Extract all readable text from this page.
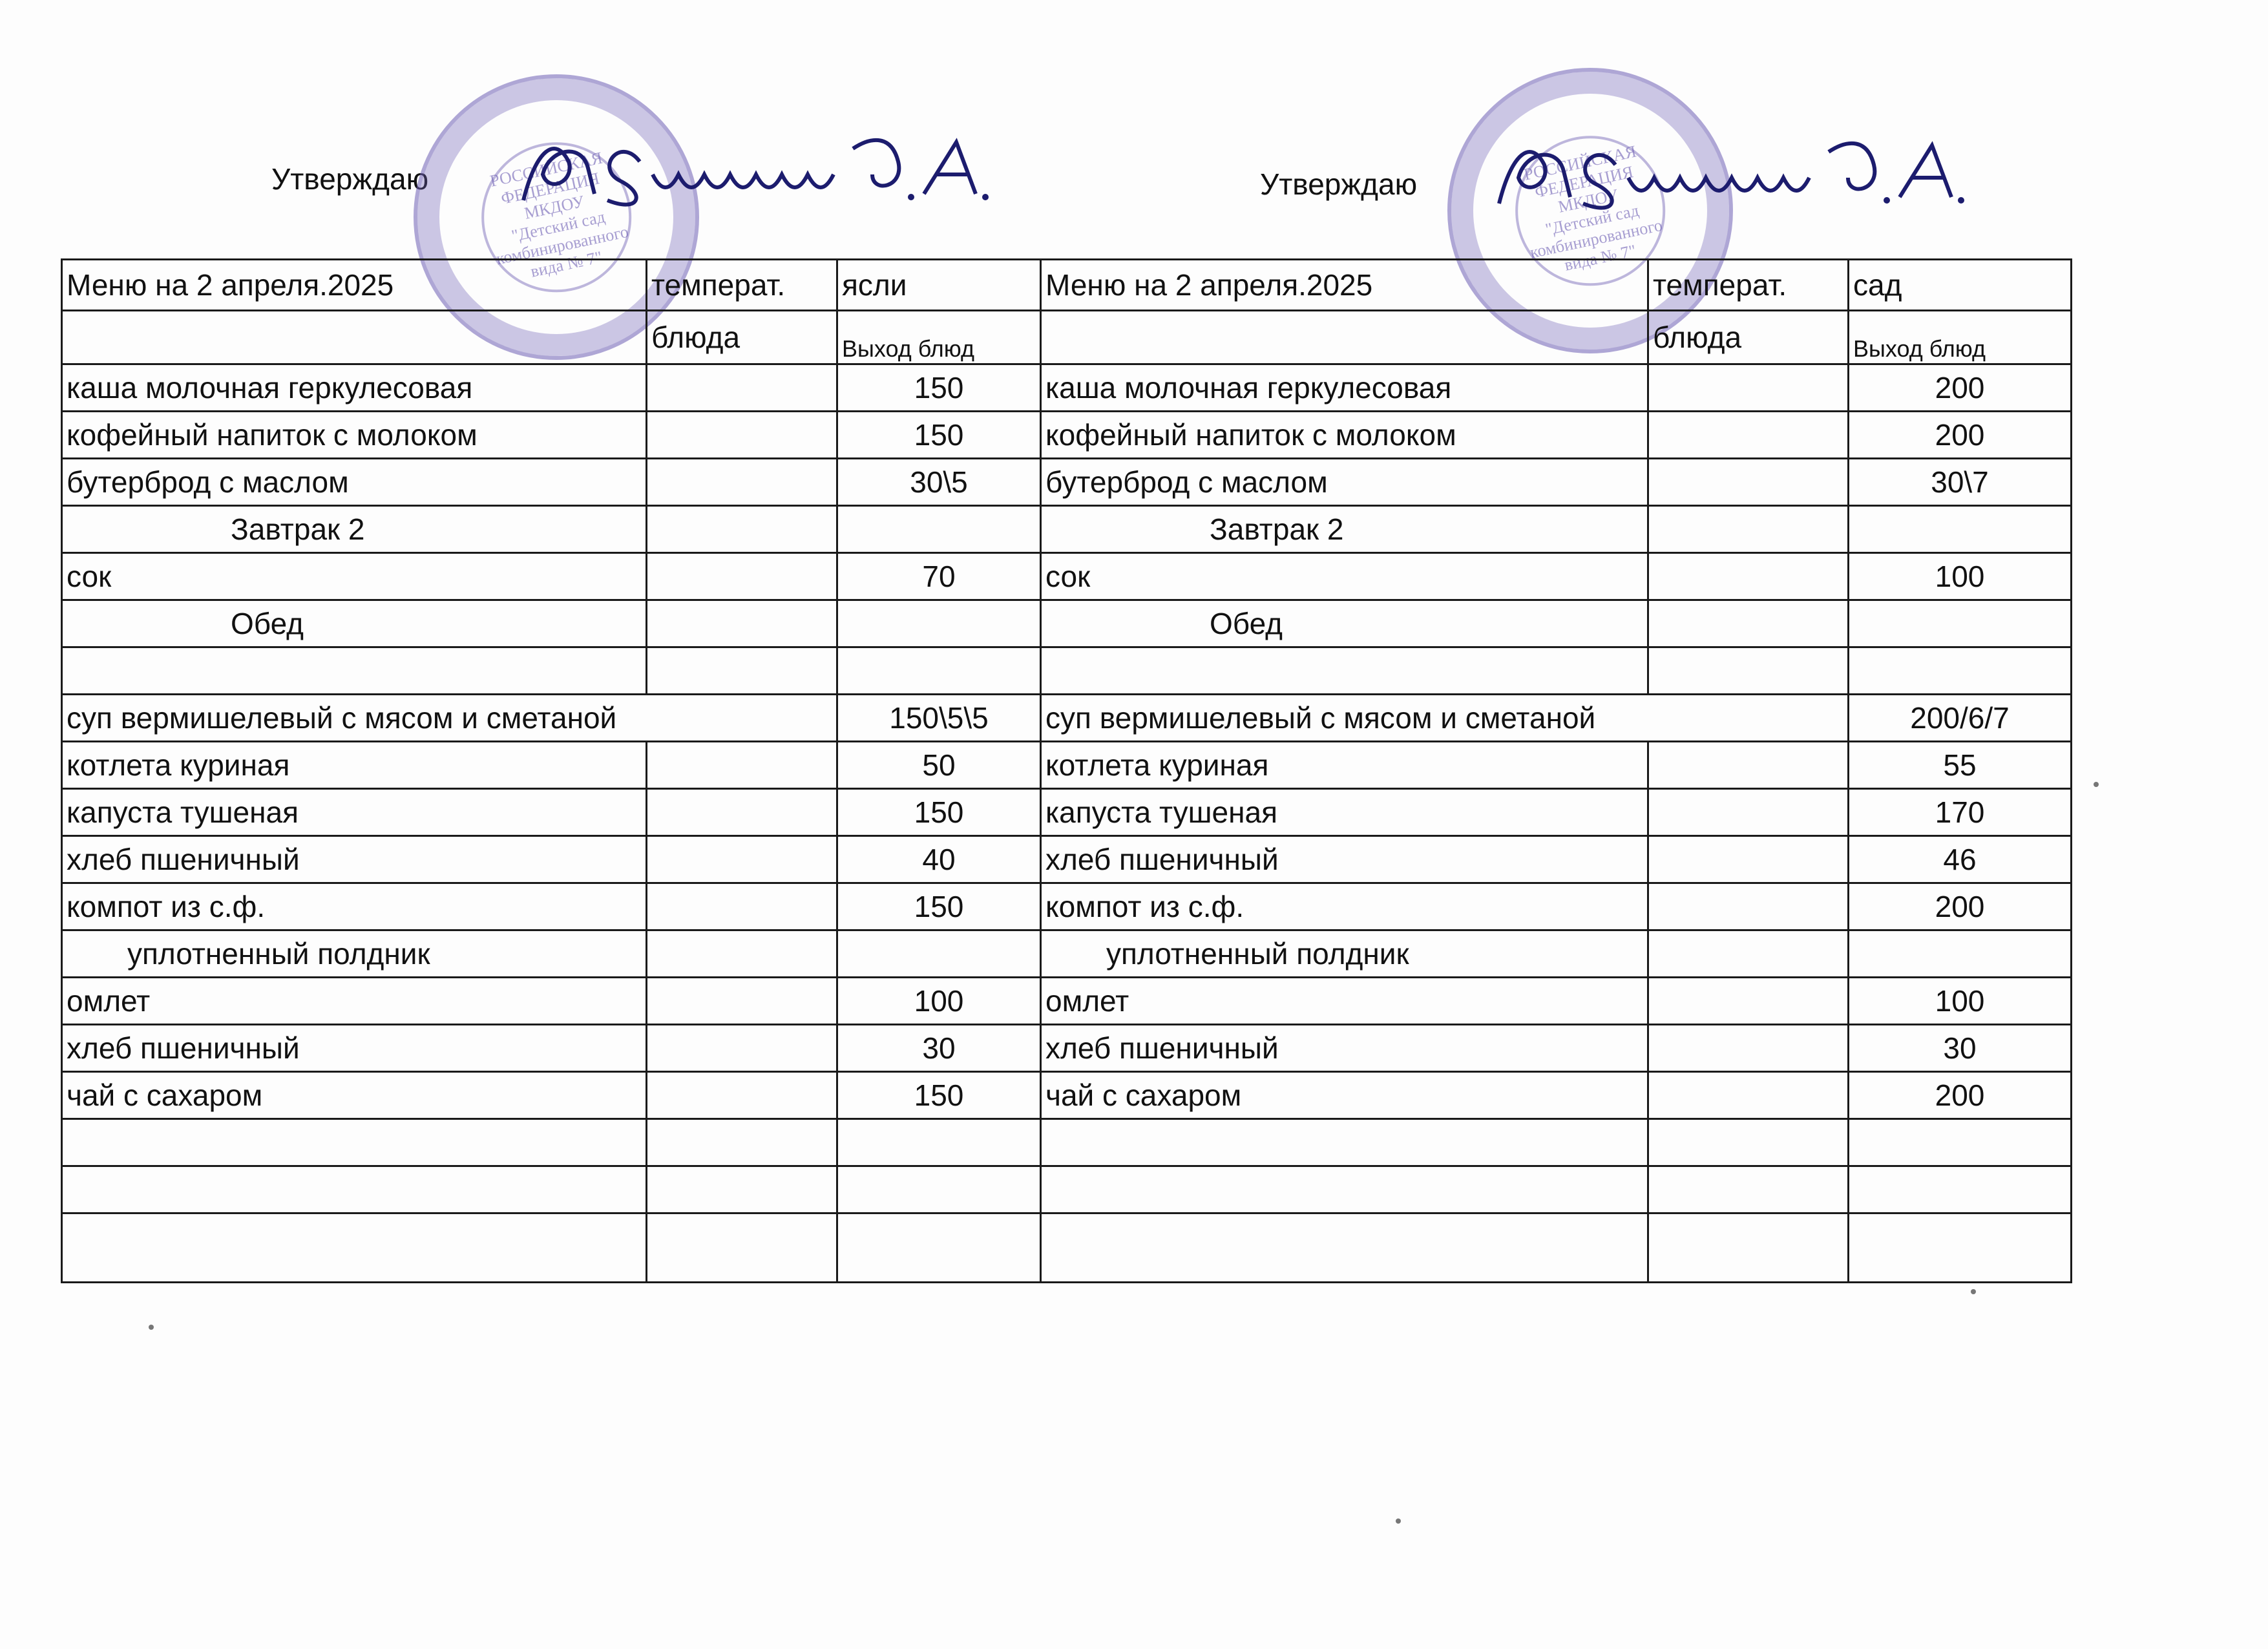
Утверждаю	Утверждаю
РОССИЙСКАЯ ФЕДЕРАЦИЯ
МКДОУ
"Детский сад
комбинированного
вида № 7"
РОССИЙСКАЯ ФЕДЕРАЦИЯ
МКДОУ
"Детский сад
комбинированного
вида № 7"
Меню на 2 апреля.2025	температ.	ясли	Меню на 2 апреля.2025	температ.	сад
	блюда	Выход блюд		блюда	Выход блюд
каша молочная геркулесовая		150	каша молочная геркулесовая		200
кофейный напиток с молоком		150	кофейный напиток с молоком		200
бутерброд с маслом		30\5	бутерброд с маслом		30\7
Завтрак 2			Завтрак 2		
сок		70	сок		100
Обед			Обед		

суп вермишелевый с мясом и сметаной		150\5\5	суп вермишелевый с мясом и сметаной		200/6/7
котлета куриная		50	котлета куриная		55
капуста тушеная		150	капуста тушеная		170
хлеб пшеничный		40	хлеб пшеничный		46
компот из с.ф.		150	компот из с.ф.		200
уплотненный полдник			уплотненный полдник		
омлет		100	омлет		100
хлеб пшеничный		30	хлеб пшеничный		30
чай с сахаром		150	чай с сахаром		200
